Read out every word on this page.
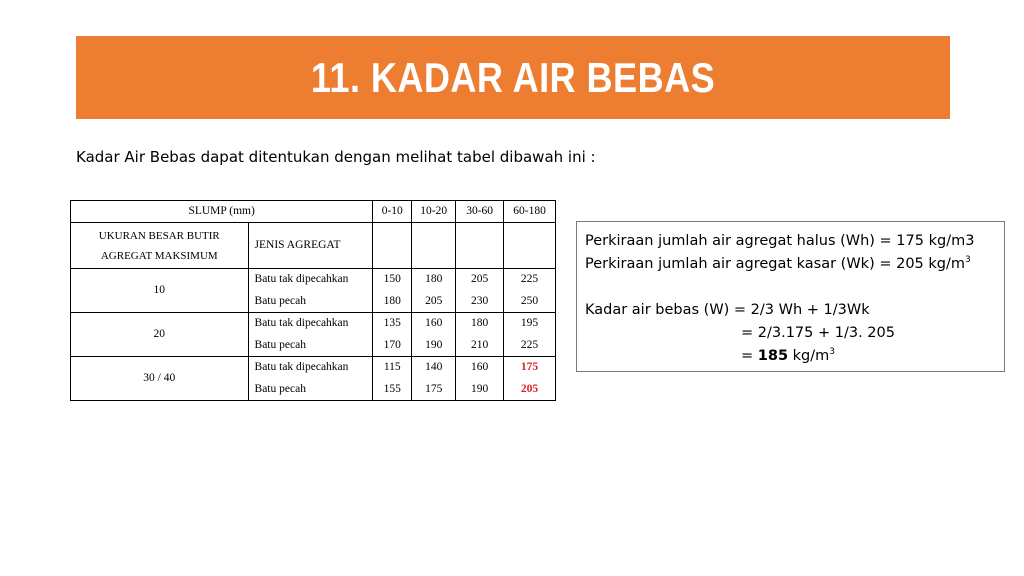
11. KADAR AIR BEBAS

Kadar Air Bebas dapat ditentukan dengan melihat tabel dibawah ini :

SLUMP (mm)		0-10	10-20	30-60	60-180

UKURAN BESAR BUTIR
AGREGAT MAKSIMUM	JENIS AGREGAT				
10	Batu tak dipecahkan	150	180	205	225
	Batu pecah	180	205	230	250
20	Batu tak dipecahkan	135	160	180	195
	Batu pecah	170	190	210	225
30 / 40	Batu tak dipecahkan	115	140	160	175
	Batu pecah	155	175	190	205
Perkiraan jumlah air agregat halus (Wh) = 175 kg/m3
Perkiraan jumlah air agregat kasar (Wk) = 205 $kg/m^3$
Kadar air bebas (W) = 2/3 Wh + 1/3Wk
= 2/3.175 + 1/3. 205
= 185 $kg/m^3$
